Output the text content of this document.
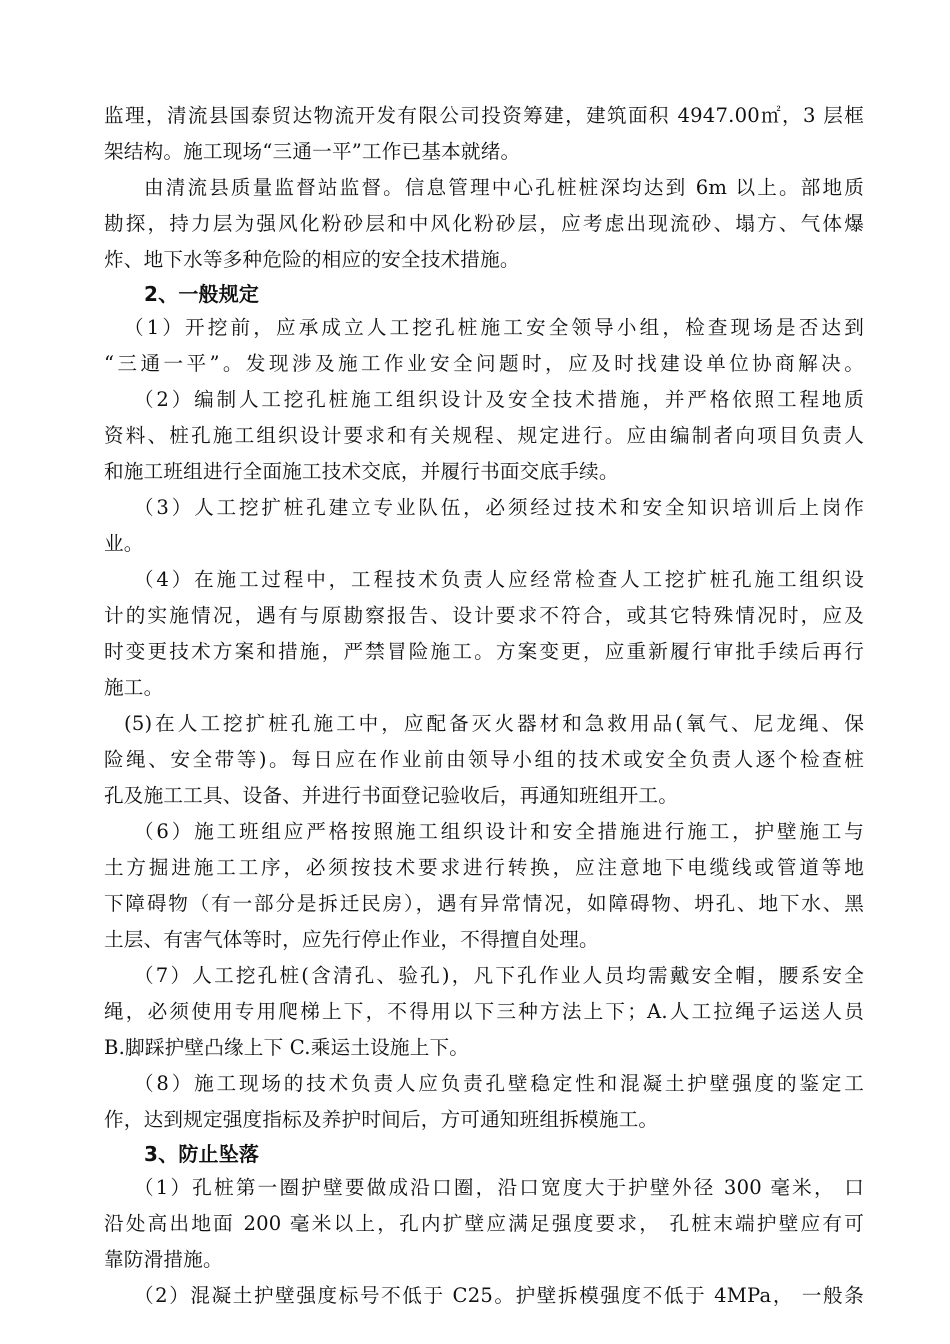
监理，清流县国泰贸达物流开发有限公司投资筹建，建筑面积 4947.00㎡，3 层框
架结构。施工现场“三通一平”工作已基本就绪。
由清流县质量监督站监督。信息管理中心孔桩桩深均达到 6m 以上。部地质
勘探，持力层为强风化粉砂层和中风化粉砂层，应考虑出现流砂、塌方、气体爆
炸、地下水等多种危险的相应的安全技术措施。
2、一般规定
（1）开挖前，应承成立人工挖孔桩施工安全领导小组，检查现场是否达到
“三通一平”。发现涉及施工作业安全问题时，应及时找建设单位协商解决。
（2）编制人工挖孔桩施工组织设计及安全技术措施，并严格依照工程地质
资料、桩孔施工组织设计要求和有关规程、规定进行。应由编制者向项目负责人
和施工班组进行全面施工技术交底，并履行书面交底手续。
（3）人工挖扩桩孔建立专业队伍，必须经过技术和安全知识培训后上岗作
业。
（4）在施工过程中，工程技术负责人应经常检查人工挖扩桩孔施工组织设
计的实施情况，遇有与原勘察报告、设计要求不符合，或其它特殊情况时，应及
时变更技术方案和措施，严禁冒险施工。方案变更，应重新履行审批手续后再行
施工。
(5)在人工挖扩桩孔施工中，应配备灭火器材和急救用品(氧气、尼龙绳、保
险绳、安全带等)。每日应在作业前由领导小组的技术或安全负责人逐个检查桩
孔及施工工具、设备、并进行书面登记验收后，再通知班组开工。
（6）施工班组应严格按照施工组织设计和安全措施进行施工，护壁施工与
土方掘进施工工序，必须按技术要求进行转换，应注意地下电缆线或管道等地
下障碍物（有一部分是拆迁民房），遇有异常情况，如障碍物、坍孔、地下水、黑
土层、有害气体等时，应先行停止作业，不得擅自处理。
（7）人工挖孔桩(含清孔、验孔)，凡下孔作业人员均需戴安全帽，腰系安全
绳，必须使用专用爬梯上下，不得用以下三种方法上下；A.人工拉绳子运送人员
B.脚踩护壁凸缘上下 C.乘运土设施上下。
（8）施工现场的技术负责人应负责孔壁稳定性和混凝土护壁强度的鉴定工
作，达到规定强度指标及养护时间后，方可通知班组拆模施工。
3、防止坠落
（1）孔桩第一圈护壁要做成沿口圈，沿口宽度大于护壁外径 300 毫米， 口
沿处高出地面 200 毫米以上，孔内扩壁应满足强度要求， 孔桩末端护壁应有可
靠防滑措施。
（2）混凝土护壁强度标号不低于 C25。护壁拆模强度不低于 4MPa， 一般条
